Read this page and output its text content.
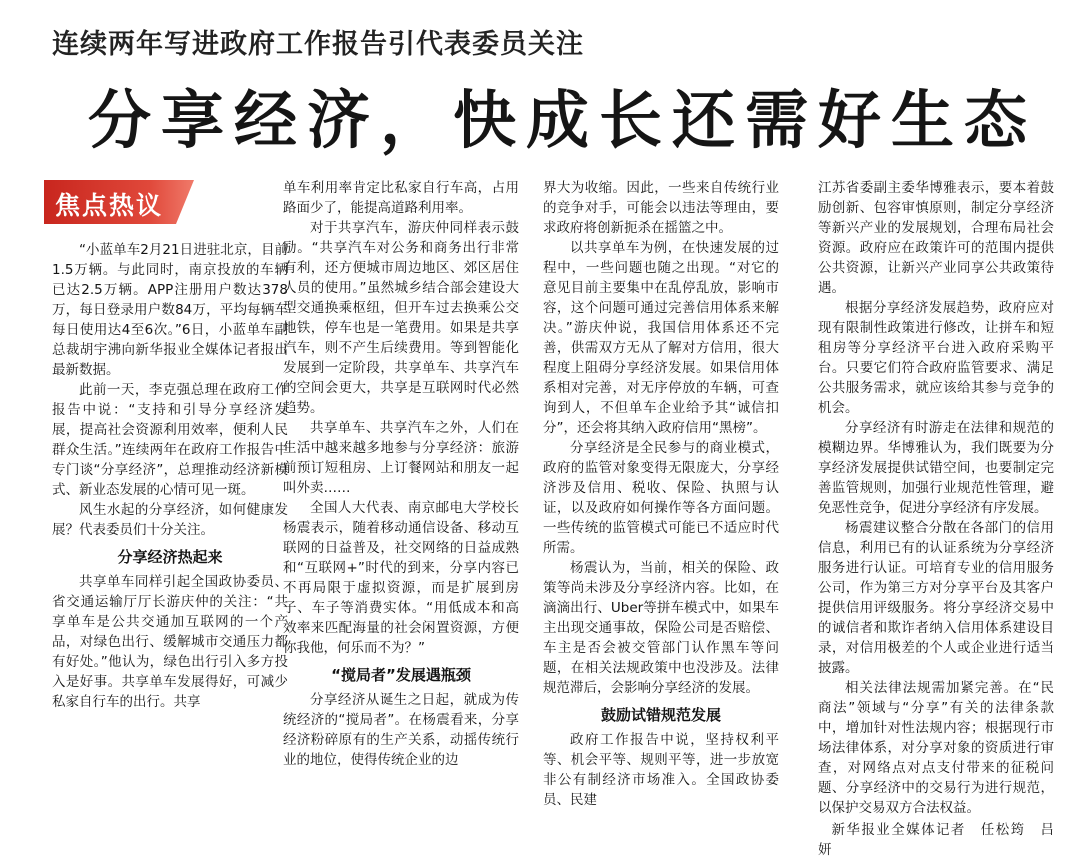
连续两年写进政府工作报告引代表委员关注
分享经济，快成长还需好生态
焦点热议

“小蓝单车2月21日进驻北京，目前1.5万辆。与此同时，南京投放的车辆已达2.5万辆。APP注册用户数达378万，每日登录用户数84万，平均每辆车每日使用达4至6次。”6日，小蓝单车副总裁胡宇沸向新华报业全媒体记者报出最新数据。

此前一天，李克强总理在政府工作报告中说：“支持和引导分享经济发展，提高社会资源利用效率，便利人民群众生活。”连续两年在政府工作报告中专门谈“分享经济”，总理推动经济新模式、新业态发展的心情可见一斑。

风生水起的分享经济，如何健康发展？代表委员们十分关注。

分享经济热起来

共享单车同样引起全国政协委员、省交通运输厅厅长游庆仲的关注：“共享单车是公共交通加互联网的一个产品，对绿色出行、缓解城市交通压力都有好处。”他认为，绿色出行引入多方投入是好事。共享单车发展得好，可减少私家自行车的出行。共享

单车利用率肯定比私家自行车高，占用路面少了，能提高道路利用率。

对于共享汽车，游庆仲同样表示鼓励。“共享汽车对公务和商务出行非常有利，还方便城市周边地区、郊区居住人员的使用。”虽然城乡结合部会建设大型交通换乘枢纽，但开车过去换乘公交地铁，停车也是一笔费用。如果是共享汽车，则不产生后续费用。等到智能化发展到一定阶段，共享单车、共享汽车的空间会更大，共享是互联网时代必然趋势。

共享单车、共享汽车之外，人们在生活中越来越多地参与分享经济：旅游前预订短租房、上订餐网站和朋友一起叫外卖……

全国人大代表、南京邮电大学校长杨震表示，随着移动通信设备、移动互联网的日益普及，社交网络的日益成熟和“互联网+”时代的到来，分享内容已不再局限于虚拟资源，而是扩展到房子、车子等消费实体。“用低成本和高效率来匹配海量的社会闲置资源，方便你我他，何乐而不为？”

“搅局者”发展遇瓶颈

分享经济从诞生之日起，就成为传统经济的“搅局者”。在杨震看来，分享经济粉碎原有的生产关系，动摇传统行业的地位，使得传统企业的边

界大为收缩。因此，一些来自传统行业的竞争对手，可能会以违法等理由，要求政府将创新扼杀在摇篮之中。

以共享单车为例，在快速发展的过程中，一些问题也随之出现。“对它的意见目前主要集中在乱停乱放，影响市容，这个问题可通过完善信用体系来解决。”游庆仲说，我国信用体系还不完善，供需双方无从了解对方信用，很大程度上阻碍分享经济发展。如果信用体系相对完善，对无序停放的车辆，可查询到人，不但单车企业给予其“诚信扣分”，还会将其纳入政府信用“黑榜”。

分享经济是全民参与的商业模式，政府的监管对象变得无限庞大，分享经济涉及信用、税收、保险、执照与认证，以及政府如何操作等各方面问题。一些传统的监管模式可能已不适应时代所需。

杨震认为，当前，相关的保险、政策等尚未涉及分享经济内容。比如，在滴滴出行、Uber等拼车模式中，如果车主出现交通事故，保险公司是否赔偿、车主是否会被交管部门认作黑车等问题，在相关法规政策中也没涉及。法律规范滞后，会影响分享经济的发展。

鼓励试错规范发展

政府工作报告中说，坚持权利平等、机会平等、规则平等，进一步放宽非公有制经济市场准入。全国政协委员、民建

江苏省委副主委华博雅表示，要本着鼓励创新、包容审慎原则，制定分享经济等新兴产业的发展规划，合理布局社会资源。政府应在政策许可的范围内提供公共资源，让新兴产业同享公共政策待遇。

根据分享经济发展趋势，政府应对现有限制性政策进行修改，让拼车和短租房等分享经济平台进入政府采购平台。只要它们符合政府监管要求、满足公共服务需求，就应该给其参与竞争的机会。

分享经济有时游走在法律和规范的模糊边界。华博雅认为，我们既要为分享经济发展提供试错空间，也要制定完善监管规则，加强行业规范性管理，避免恶性竞争，促进分享经济有序发展。

杨震建议整合分散在各部门的信用信息，利用已有的认证系统为分享经济服务进行认证。可培育专业的信用服务公司，作为第三方对分享平台及其客户提供信用评级服务。将分享经济交易中的诚信者和欺诈者纳入信用体系建设目录，对信用极差的个人或企业进行适当披露。

相关法律法规需加紧完善。在“民商法”领域与“分享”有关的法律条款中，增加针对性法规内容；根据现行市场法律体系，对分享对象的资质进行审查，对网络点对点支付带来的征税问题、分享经济中的交易行为进行规范，以保护交易双方合法权益。

新华报业全媒体记者　任松筠　吕　妍
